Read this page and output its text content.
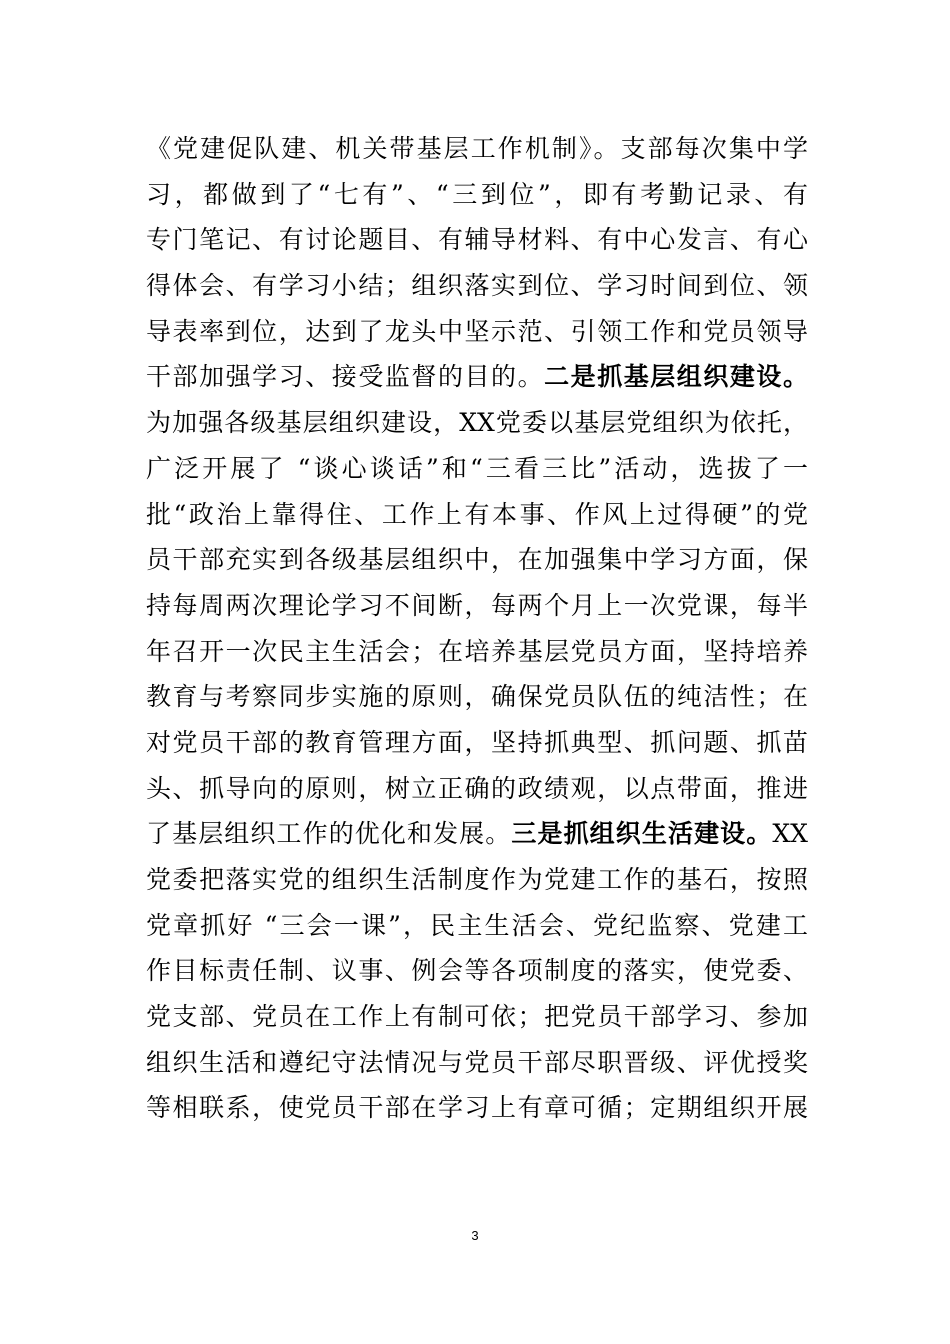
《党建促队建、机关带基层工作机制》。支部每次集中学
习，都做到了“七有”、“三到位”，即有考勤记录、有
专门笔记、有讨论题目、有辅导材料、有中心发言、有心
得体会、有学习小结；组织落实到位、学习时间到位、领
导表率到位，达到了龙头中坚示范、引领工作和党员领导
干部加强学习、接受监督的目的。二是抓基层组织建设。
为加强各级基层组织建设，XX党委以基层党组织为依托，
广泛开展了 “谈心谈话”和“三看三比”活动，选拔了一
批“政治上靠得住、工作上有本事、作风上过得硬”的党
员干部充实到各级基层组织中，在加强集中学习方面，保
持每周两次理论学习不间断，每两个月上一次党课，每半
年召开一次民主生活会；在培养基层党员方面，坚持培养
教育与考察同步实施的原则，确保党员队伍的纯洁性；在
对党员干部的教育管理方面，坚持抓典型、抓问题、抓苗
头、抓导向的原则，树立正确的政绩观，以点带面，推进
了基层组织工作的优化和发展。三是抓组织生活建设。XX
党委把落实党的组织生活制度作为党建工作的基石，按照
党章抓好 “三会一课”，民主生活会、党纪监察、党建工
作目标责任制、议事、例会等各项制度的落实，使党委、
党支部、党员在工作上有制可依；把党员干部学习、参加
组织生活和遵纪守法情况与党员干部尽职晋级、评优授奖
等相联系，使党员干部在学习上有章可循；定期组织开展
3
